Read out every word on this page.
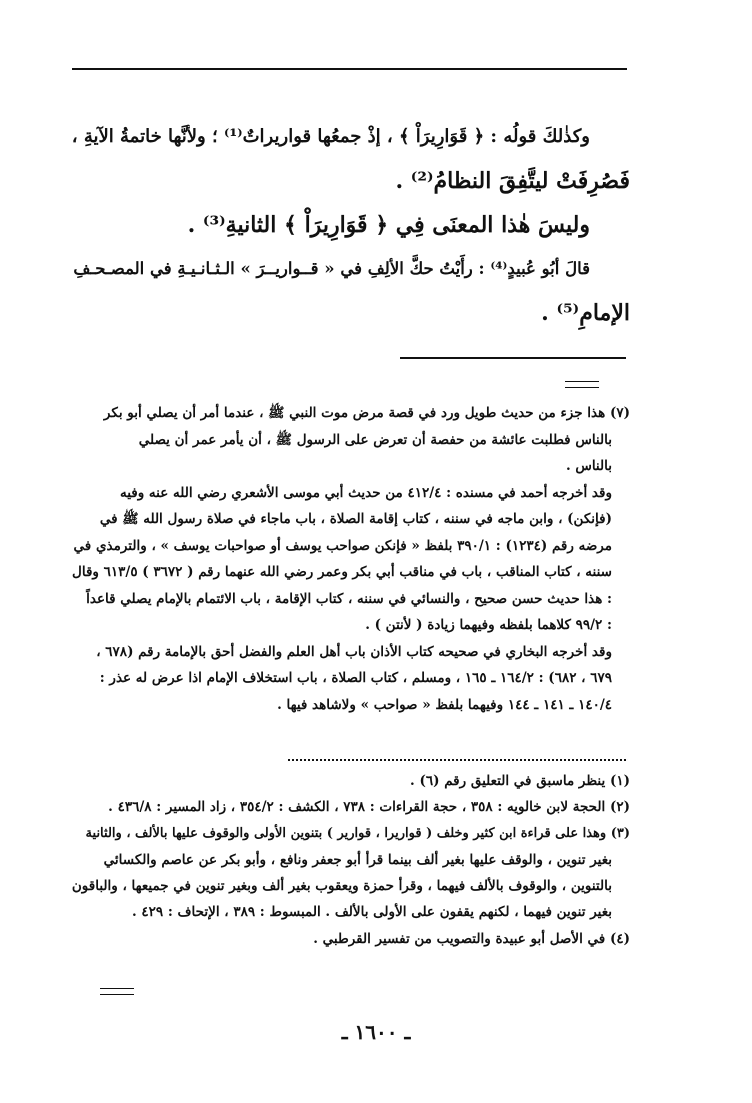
وكذٰلكَ قولُه : ﴿ قَوَارِيرَاْ ﴾ ، إذْ جمعُها قواريراتٌ⁽¹⁾ ؛ ولأنَّها خاتمةُ الآيةِ ،

فَصُرِفَتْ ليتَّفِقَ النظامُ⁽²⁾ .

وليسَ هٰذا المعنَى فِي ﴿ قَوَارِيرَاْ ﴾ الثانيةِ⁽³⁾ .

قالَ أبُو عُبيدٍ⁽⁴⁾ : رأَيْتُ حكَّ الألِفِ في « قــواريــرَ » الـثـانـيـةِ في المصـحـفِ

الإمامِ⁽⁵⁾ .

(٧) هذا جزء من حديث طويل ورد في قصة مرض موت النبي ﷺ ، عندما أمر أن يصلي أبو بكر

بالناس فطلبت عائشة من حفصة أن تعرض على الرسول ﷺ ، أن يأمر عمر أن يصلي

بالناس .

وقد أخرجه أحمد في مسنده : ٤١٢/٤ من حديث أبي موسى الأشعري رضي الله عنه وفيه

(فإنكن) ، وابن ماجه في سننه ، كتاب إقامة الصلاة ، باب ماجاء في صلاة رسول الله ﷺ في

مرضه رقم (١٢٣٤) : ٣٩٠/١ بلفظ « فإنكن صواحب يوسف أو صواحبات يوسف » ، والترمذي في

سننه ، كتاب المناقب ، باب في مناقب أبي بكر وعمر رضي الله عنهما رقم ( ٣٦٧٢ ) ٦١٣/٥ وقال

: هذا حديث حسن صحيح ، والنسائي في سننه ، كتاب الإقامة ، باب الائتمام بالإمام يصلي قاعداً

: ٩٩/٢ كلاهما بلفظه وفيهما زيادة ( لأنتن ) .

وقد أخرجه البخاري في صحيحه كتاب الأذان باب أهل العلم والفضل أحق بالإمامة رقم (٦٧٨ ،

٦٧٩ ، ٦٨٢) : ١٦٤/٢ ـ ١٦٥ ، ومسلم ، كتاب الصلاة ، باب استخلاف الإمام اذا عرض له عذر :

١٤٠/٤ ـ ١٤١ ـ ١٤٤ وفيهما بلفظ « صواحب » ولاشاهد فيها .

(١) ينظر ماسبق في التعليق رقم (٦) .

(٢) الحجة لابن خالويه : ٣٥٨ ، حجة القراءات : ٧٣٨ ، الكشف : ٣٥٤/٢ ، زاد المسير : ٤٣٦/٨ .

(٣) وهذا على قراءة ابن كثير وخلف ( قواريرا ، قوارير ) بتنوين الأولى والوقوف عليها بالألف ، والثانية

بغير تنوين ، والوقف عليها بغير ألف بينما قرأ أبو جعفر ونافع ، وأبو بكر عن عاصم والكسائي

بالتنوين ، والوقوف بالألف فيهما ، وقرأ حمزة ويعقوب بغير ألف وبغير تنوين في جميعها ، والباقون

بغير تنوين فيهما ، لكنهم يقفون على الأولى بالألف . المبسوط : ٣٨٩ ، الإتحاف : ٤٢٩ .

(٤) في الأصل أبو عبيدة والتصويب من تفسير القرطبي .

ـ ١٦٠٠ ـ
